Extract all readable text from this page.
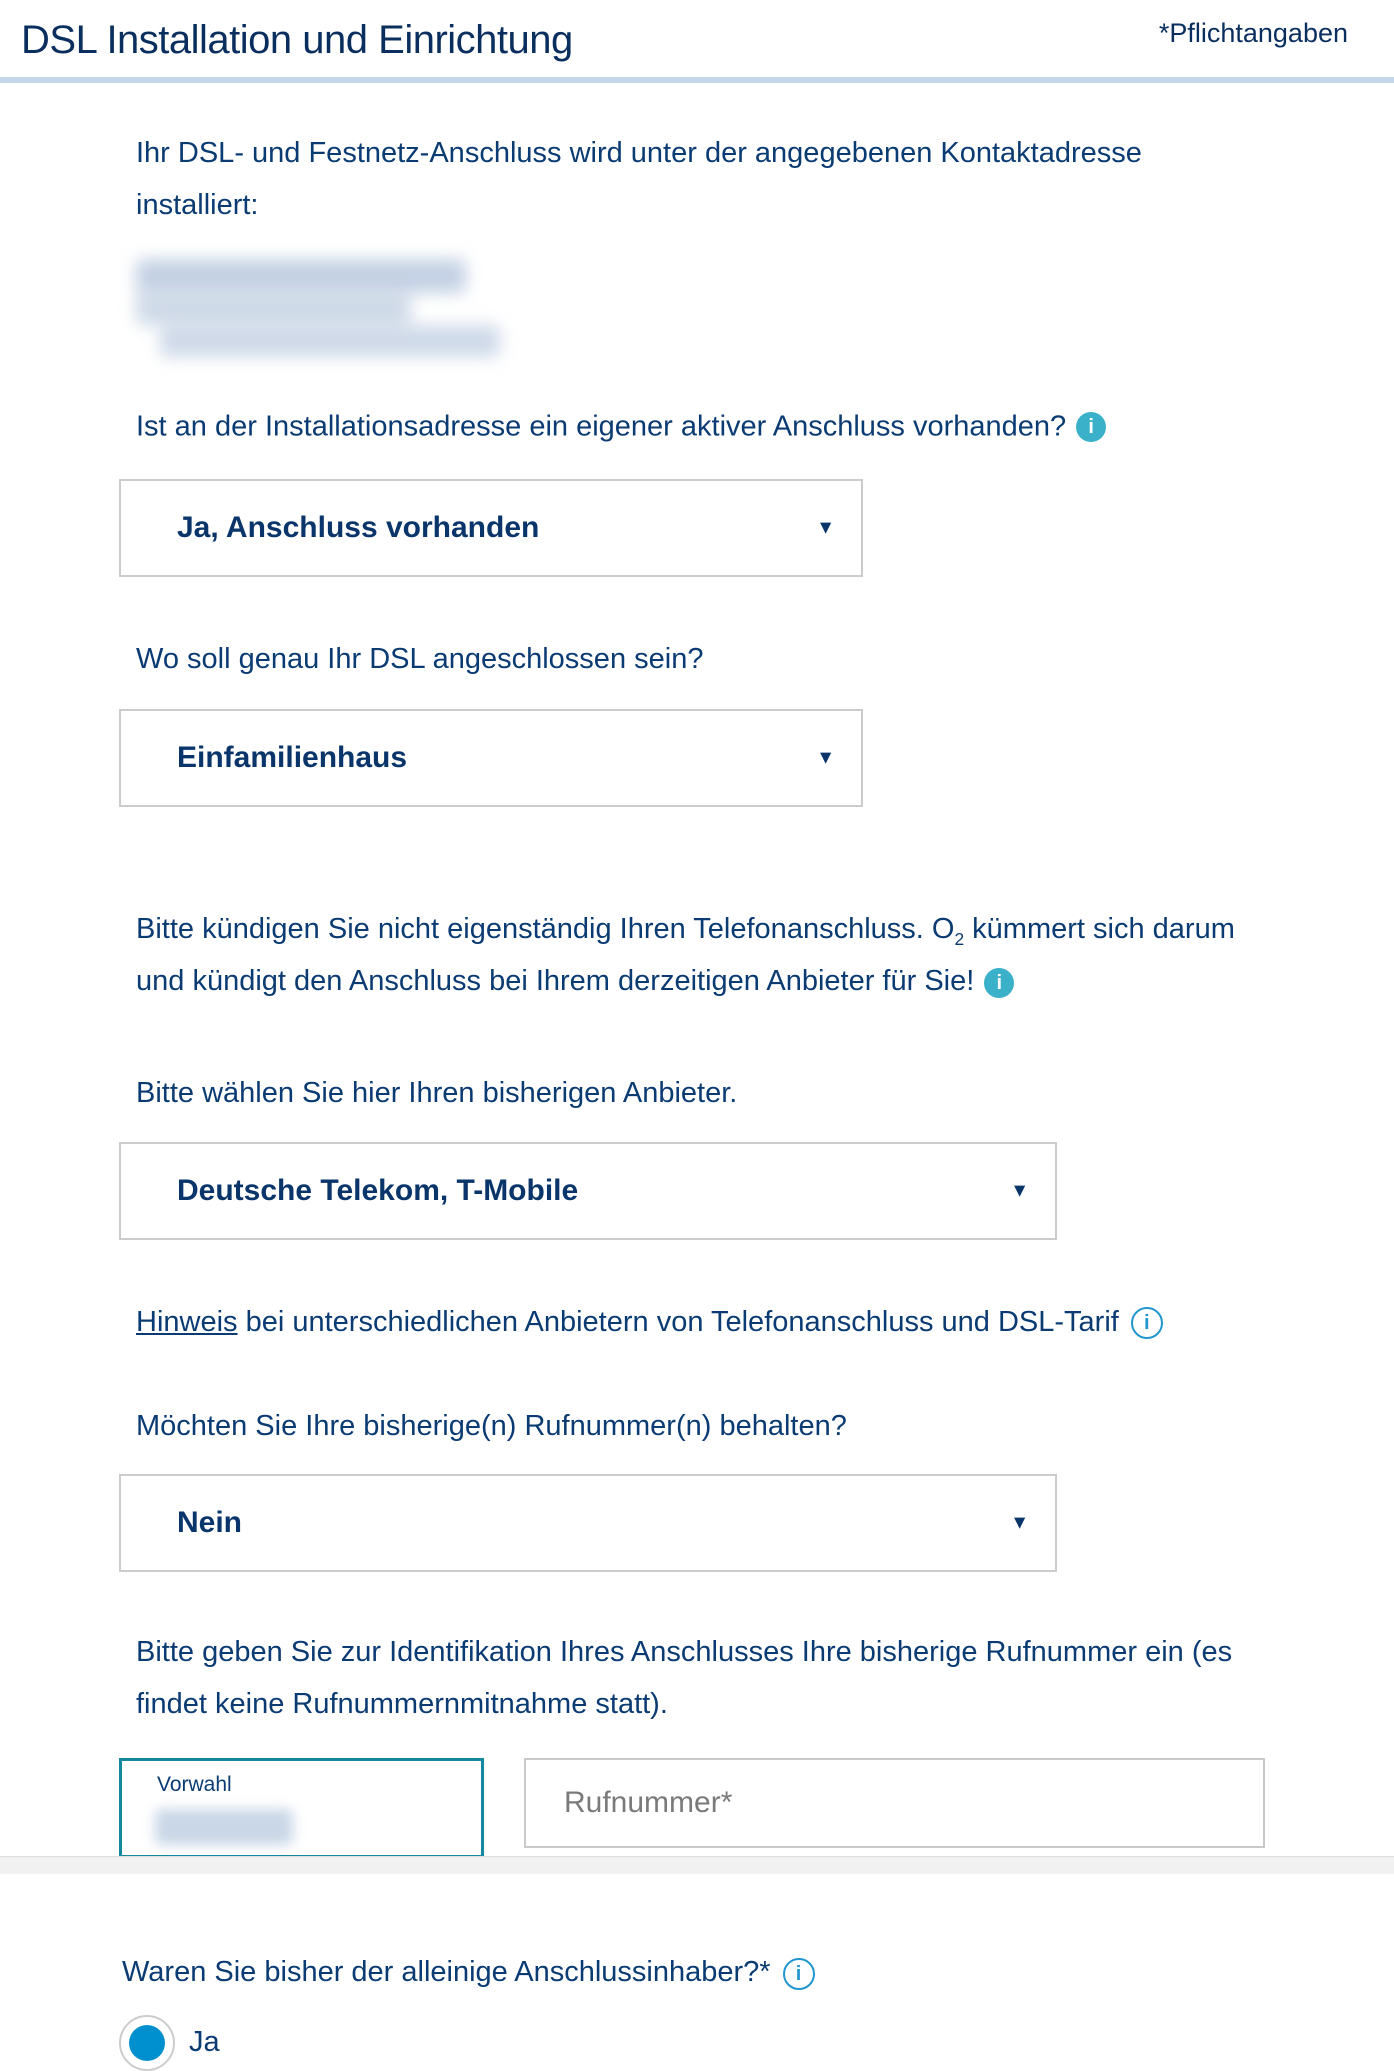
DSL Installation und Einrichtung	*Pflichtangaben

Ihr DSL- und Festnetz-Anschluss wird unter der angegebenen Kontaktadresse installiert:

Ist an der Installationsadresse ein eigener aktiver Anschluss vorhanden? i

Ja, Anschluss vorhanden	▼

Wo soll genau Ihr DSL angeschlossen sein?

Einfamilienhaus	▼

Bitte kündigen Sie nicht eigenständig Ihren Telefonanschluss. $O_2$ kümmert sich darum und kündigt den Anschluss bei Ihrem derzeitigen Anbieter für Sie! i

Bitte wählen Sie hier Ihren bisherigen Anbieter.

Deutsche Telekom, T-Mobile	▼

Hinweis bei unterschiedlichen Anbietern von Telefonanschluss und DSL-Tarif i

Möchten Sie Ihre bisherige(n) Rufnummer(n) behalten?

Nein	▼

Bitte geben Sie zur Identifikation Ihres Anschlusses Ihre bisherige Rufnummer ein (es findet keine Rufnummernmitnahme statt).

Vorwahl
Rufnummer*

Waren Sie bisher der alleinige Anschlussinhaber?* i

Ja
